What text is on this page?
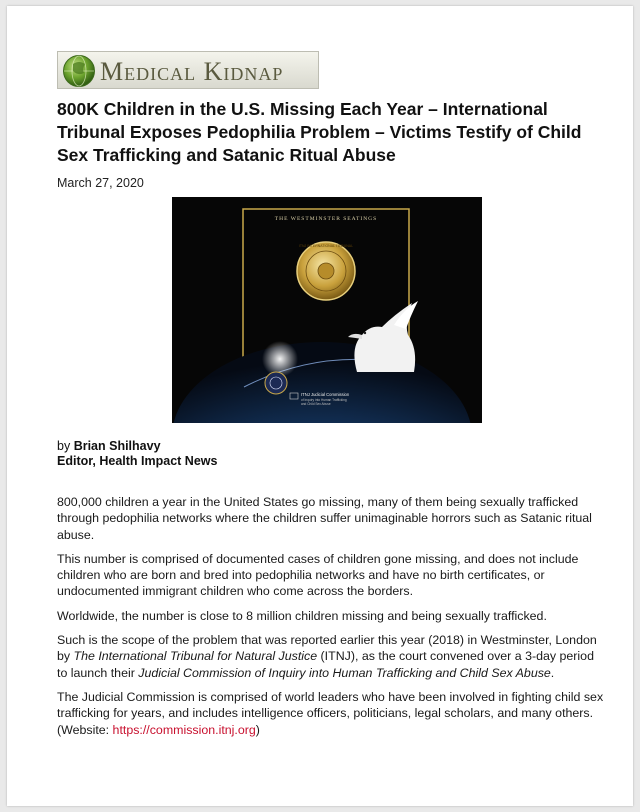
Medical Kidnap
800K Children in the U.S. Missing Each Year – International Tribunal Exposes Pedophilia Problem – Victims Testify of Child Sex Trafficking and Satanic Ritual Abuse
March 27, 2020
THE WESTMINSTER SEATINGS
ITNJ INTERNATIONAL TRIBUNAL
ITNJ Judicial Commission
of Inquiry into Human Trafficking
and Child Sex Abuse
by Brian Shilhavy
Editor, Health Impact News

800,000 children a year in the United States go missing, many of them being sexually trafficked through pedophilia networks where the children suffer unimaginable horrors such as Satanic ritual abuse.

This number is comprised of documented cases of children gone missing, and does not include children who are born and bred into pedophilia networks and have no birth certificates, or undocumented immigrant children who come across the borders.

Worldwide, the number is close to 8 million children missing and being sexually trafficked.

Such is the scope of the problem that was reported earlier this year (2018) in Westminster, London by The International Tribunal for Natural Justice (ITNJ), as the court convened over a 3-day period to launch their Judicial Commission of Inquiry into Human Trafficking and Child Sex Abuse.

The Judicial Commission is comprised of world leaders who have been involved in fighting child sex trafficking for years, and includes intelligence officers, politicians, legal scholars, and many others. (Website: https://commission.itnj.org)
